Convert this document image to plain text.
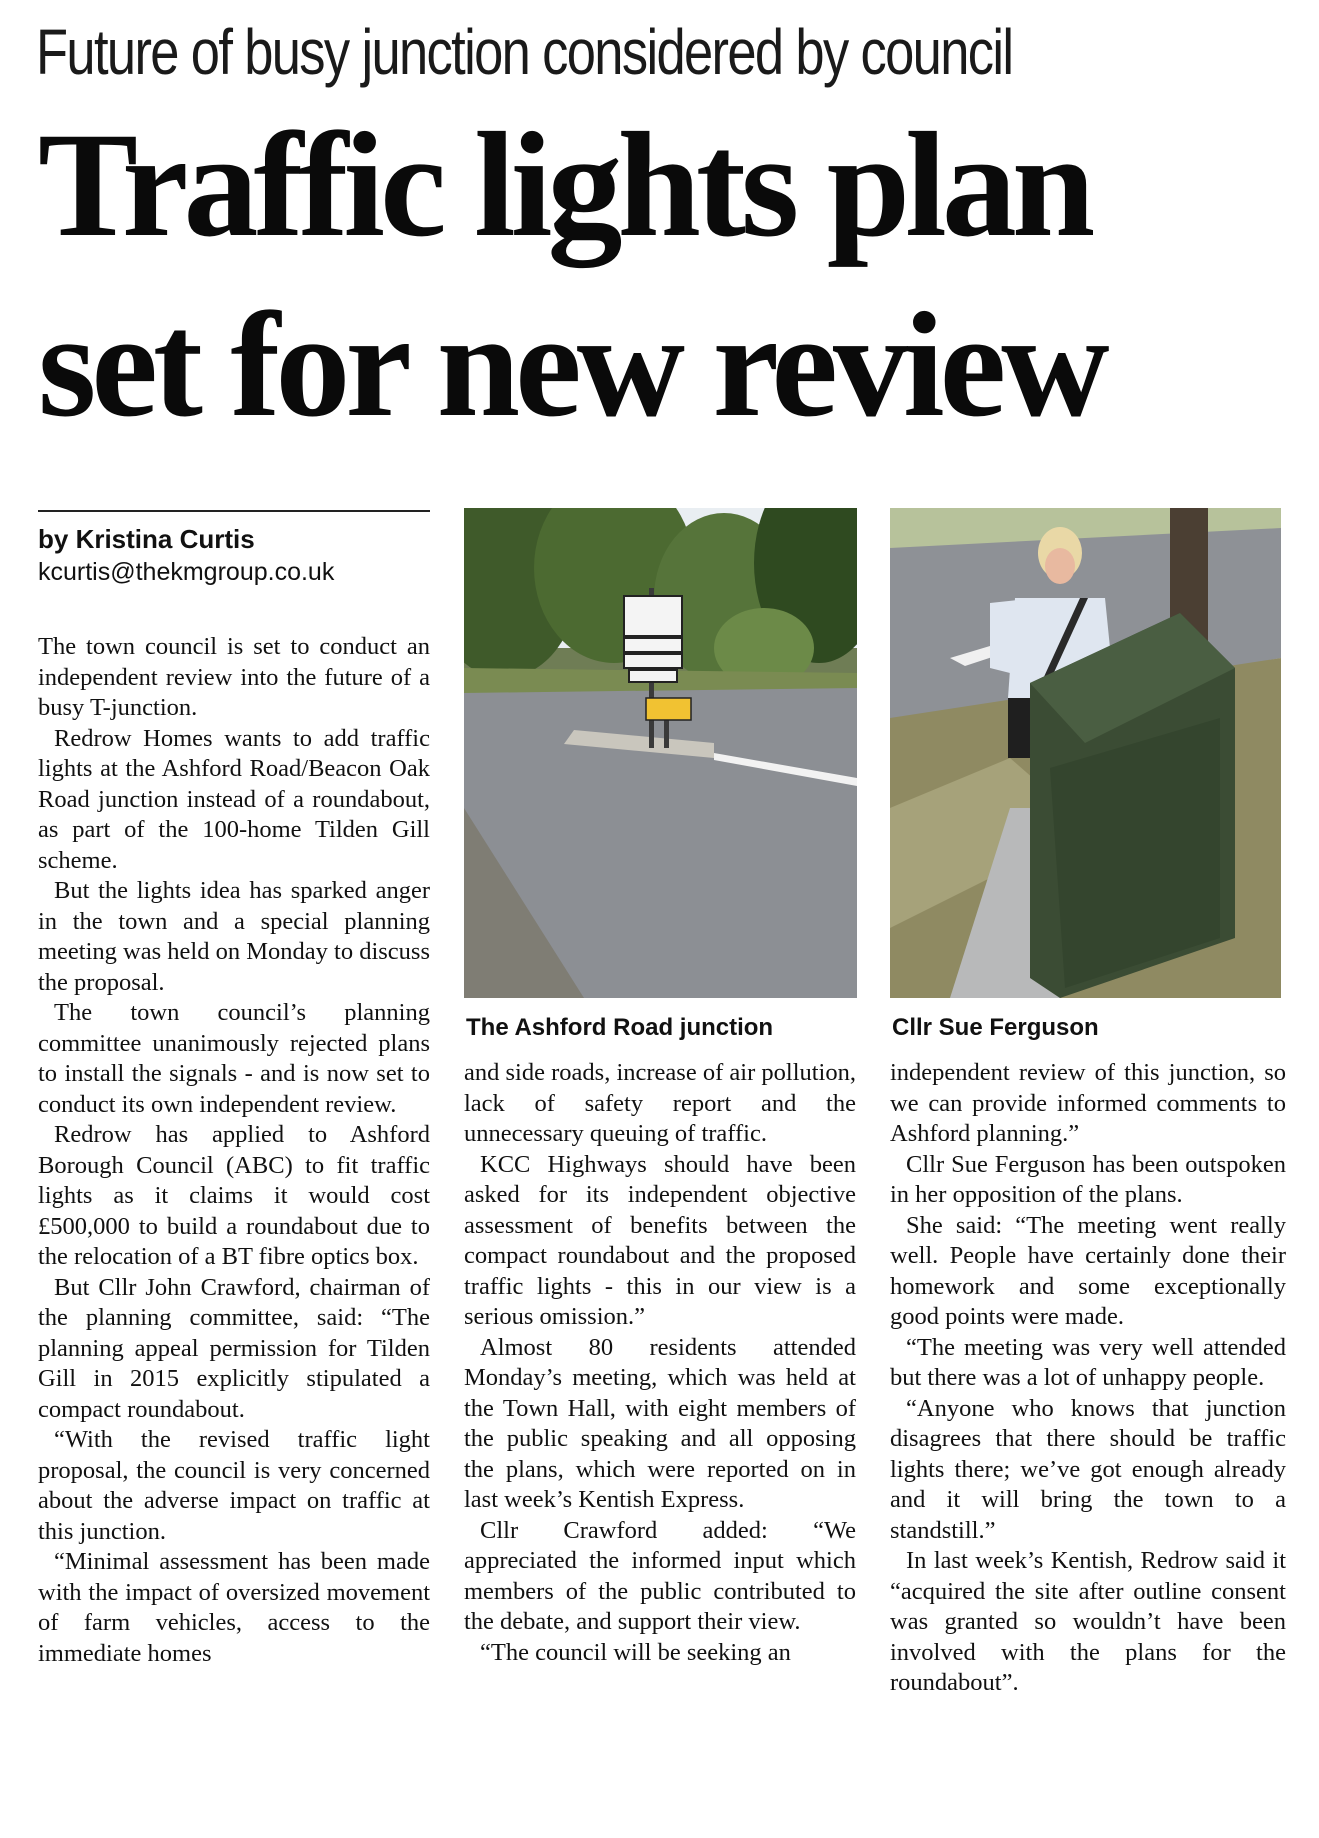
Future of busy junction considered by council
Traffic lights plan
set for new review
by Kristina Curtis
kcurtis@thekmgroup.co.uk

The town council is set to conduct an independent review into the future of a busy T-junction.

Redrow Homes wants to add traffic lights at the Ashford Road/Beacon Oak Road junction instead of a roundabout, as part of the 100-home Tilden Gill scheme.

But the lights idea has sparked anger in the town and a special planning meeting was held on Monday to discuss the proposal.

The town council’s planning committee unanimously rejected plans to install the signals - and is now set to conduct its own independent review.

Redrow has applied to Ashford Borough Council (ABC) to fit traffic lights as it claims it would cost £500,000 to build a roundabout due to the relocation of a BT fibre optics box.

But Cllr John Crawford, chairman of the planning committee, said: “The planning appeal permission for Tilden Gill in 2015 explicitly stipulated a compact roundabout.

“With the revised traffic light proposal, the council is very concerned about the adverse impact on traffic at this junction.

“Minimal assessment has been made with the impact of oversized movement of farm vehicles, access to the immediate homes

The Ashford Road junction	Cllr Sue Ferguson

and side roads, increase of air pollution, lack of safety report and the unnecessary queuing of traffic.

KCC Highways should have been asked for its independent objective assessment of benefits between the compact roundabout and the proposed traffic lights - this in our view is a serious omission.”

Almost 80 residents attended Monday’s meeting, which was held at the Town Hall, with eight members of the public speaking and all opposing the plans, which were reported on in last week’s Kentish Express.

Cllr Crawford added: “We appreciated the informed input which members of the public contributed to the debate, and support their view.

“The council will be seeking an

independent review of this junction, so we can provide informed comments to Ashford planning.”

Cllr Sue Ferguson has been outspoken in her opposition of the plans.

She said: “The meeting went really well. People have certainly done their homework and some exceptionally good points were made.

“The meeting was very well attended but there was a lot of unhappy people.

“Anyone who knows that junction disagrees that there should be traffic lights there; we’ve got enough already and it will bring the town to a standstill.”

In last week’s Kentish, Redrow said it “acquired the site after outline consent was granted so wouldn’t have been involved with the plans for the roundabout”.
